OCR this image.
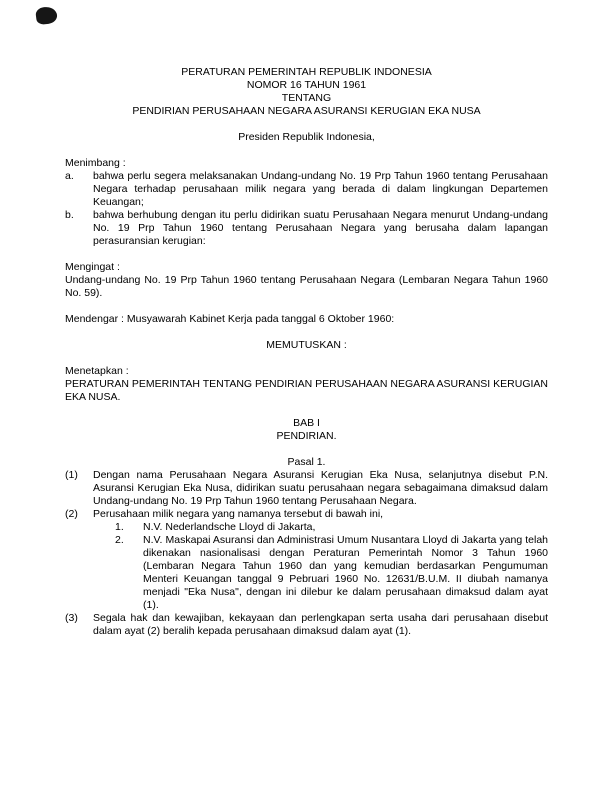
PERATURAN PEMERINTAH REPUBLIK INDONESIA
NOMOR 16 TAHUN 1961
TENTANG
PENDIRIAN PERUSAHAAN NEGARA ASURANSI KERUGIAN EKA NUSA
Presiden Republik Indonesia,
Menimbang :
a.	bahwa perlu segera melaksanakan Undang-undang No. 19 Prp Tahun 1960 tentang Perusahaan Negara terhadap perusahaan milik negara yang berada di dalam lingkungan Departemen Keuangan;
b.	bahwa berhubung dengan itu perlu didirikan suatu Perusahaan Negara menurut Undang-undang No. 19 Prp Tahun 1960 tentang Perusahaan Negara yang berusaha dalam lapangan perasuransian kerugian:
Mengingat :
Undang-undang No. 19 Prp Tahun 1960 tentang Perusahaan Negara (Lembaran Negara Tahun 1960 No. 59).
Mendengar : Musyawarah Kabinet Kerja pada tanggal 6 Oktober 1960:
MEMUTUSKAN :
Menetapkan :
PERATURAN PEMERINTAH TENTANG PENDIRIAN PERUSAHAAN NEGARA ASURANSI KERUGIAN EKA NUSA.
BAB I
PENDIRIAN.
Pasal 1.
(1)	Dengan nama Perusahaan Negara Asuransi Kerugian Eka Nusa, selanjutnya disebut P.N. Asuransi Kerugian Eka Nusa, didirikan suatu perusahaan negara sebagaimana dimaksud dalam Undang-undang No. 19 Prp Tahun 1960 tentang Perusahaan Negara.
(2)	Perusahaan milik negara yang namanya tersebut di bawah ini,
1.	N.V. Nederlandsche Lloyd di Jakarta,
2.	N.V. Maskapai Asuransi dan Administrasi Umum Nusantara Lloyd di Jakarta yang telah dikenakan nasionalisasi dengan Peraturan Pemerintah Nomor 3 Tahun 1960 (Lembaran Negara Tahun 1960 dan yang kemudian berdasarkan Pengumuman Menteri Keuangan tanggal 9 Pebruari 1960 No. 12631/B.U.M. II diubah namanya menjadi "Eka Nusa", dengan ini dilebur ke dalam perusahaan dimaksud dalam ayat (1).
(3)	Segala hak dan kewajiban, kekayaan dan perlengkapan serta usaha dari perusahaan disebut dalam ayat (2) beralih kepada perusahaan dimaksud dalam ayat (1).
